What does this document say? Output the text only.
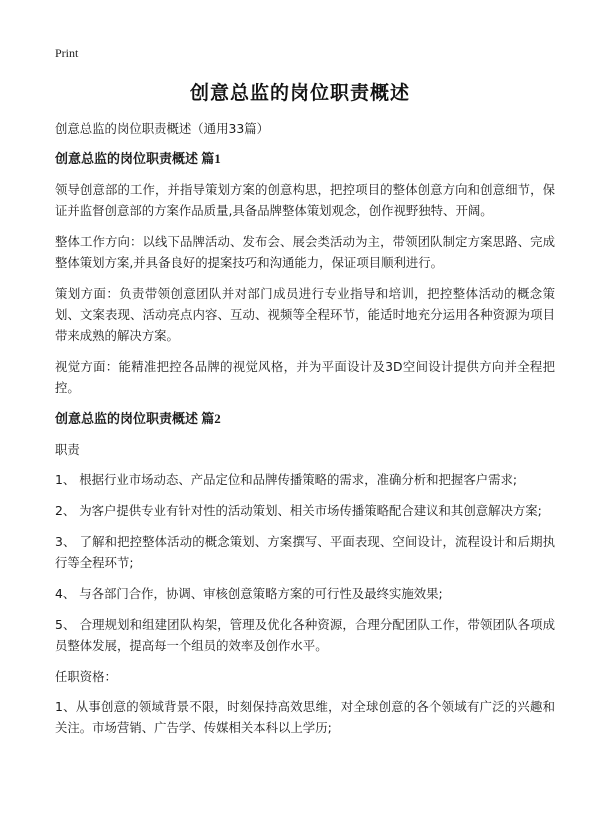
Print
创意总监的岗位职责概述

创意总监的岗位职责概述（通用33篇）

创意总监的岗位职责概述 篇1

领导创意部的工作，并指导策划方案的创意构思，把控项目的整体创意方向和创意细节，保证并监督创意部的方案作品质量,具备品牌整体策划观念，创作视野独特、开阔。

整体工作方向：以线下品牌活动、发布会、展会类活动为主，带领团队制定方案思路、完成整体策划方案,并具备良好的提案技巧和沟通能力，保证项目顺利进行。

策划方面：负责带领创意团队并对部门成员进行专业指导和培训，把控整体活动的概念策划、文案表现、活动亮点内容、互动、视频等全程环节，能适时地充分运用各种资源为项目带来成熟的解决方案。

视觉方面：能精准把控各品牌的视觉风格，并为平面设计及3D空间设计提供方向并全程把控。

创意总监的岗位职责概述 篇2

职责

1、 根据行业市场动态、产品定位和品牌传播策略的需求，准确分析和把握客户需求;

2、 为客户提供专业有针对性的活动策划、相关市场传播策略配合建议和其创意解决方案;

3、 了解和把控整体活动的概念策划、方案撰写、平面表现、空间设计，流程设计和后期执行等全程环节;

4、 与各部门合作，协调、审核创意策略方案的可行性及最终实施效果;

5、 合理规划和组建团队构架，管理及优化各种资源，合理分配团队工作，带领团队各项成员整体发展，提高每一个组员的效率及创作水平。

任职资格：

1、从事创意的领域背景不限，时刻保持高效思维，对全球创意的各个领域有广泛的兴趣和关注。市场营销、广告学、传媒相关本科以上学历;
